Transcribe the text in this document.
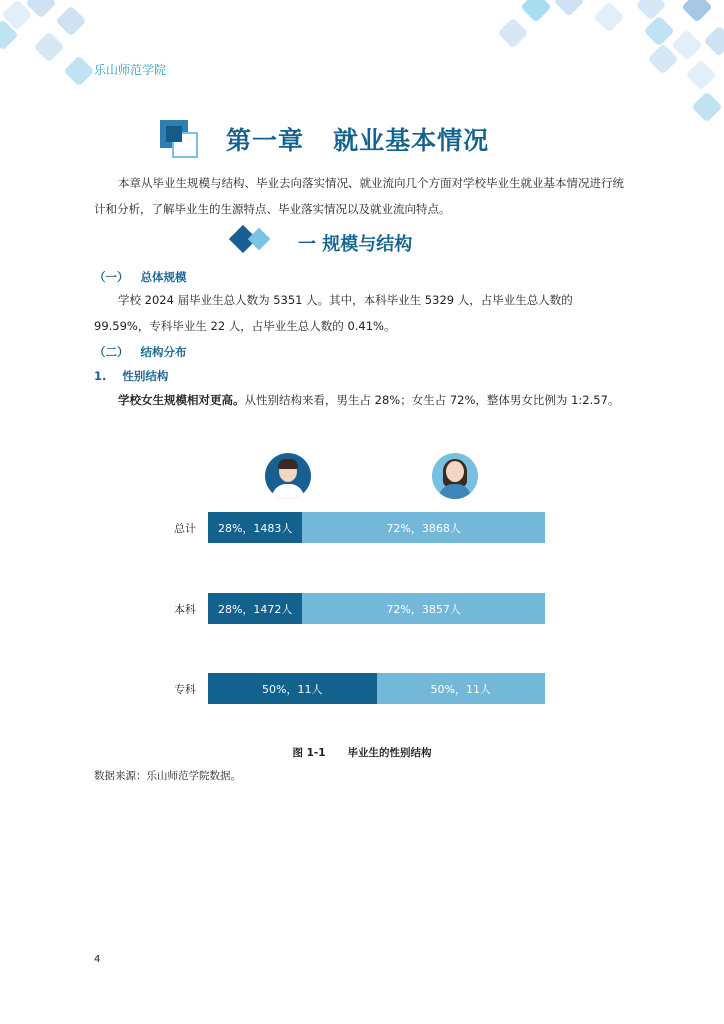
乐山师范学院
第一章   就业基本情况

本章从毕业生规模与结构、毕业去向落实情况、就业流向几个方面对学校毕业生就业基本情况进行统计和分析，了解毕业生的生源特点、毕业落实情况以及就业流向特点。

一 规模与结构
（一）   总体规模

学校 2024 届毕业生总人数为 5351 人。其中，本科毕业生 5329 人，占毕业生总人数的 99.59%，专科毕业生 22 人，占毕业生总人数的 0.41%。

（二）   结构分布
1.    性别结构

学校女生规模相对更高。从性别结构来看，男生占 28%；女生占 72%，整体男女比例为 1:2.57。

总计	28%，1483人	72%，3868人
本科	28%，1472人	72%，3857人
专科	50%，11人	50%，11人
图 1-1      毕业生的性别结构
数据来源：乐山师范学院数据。
4
